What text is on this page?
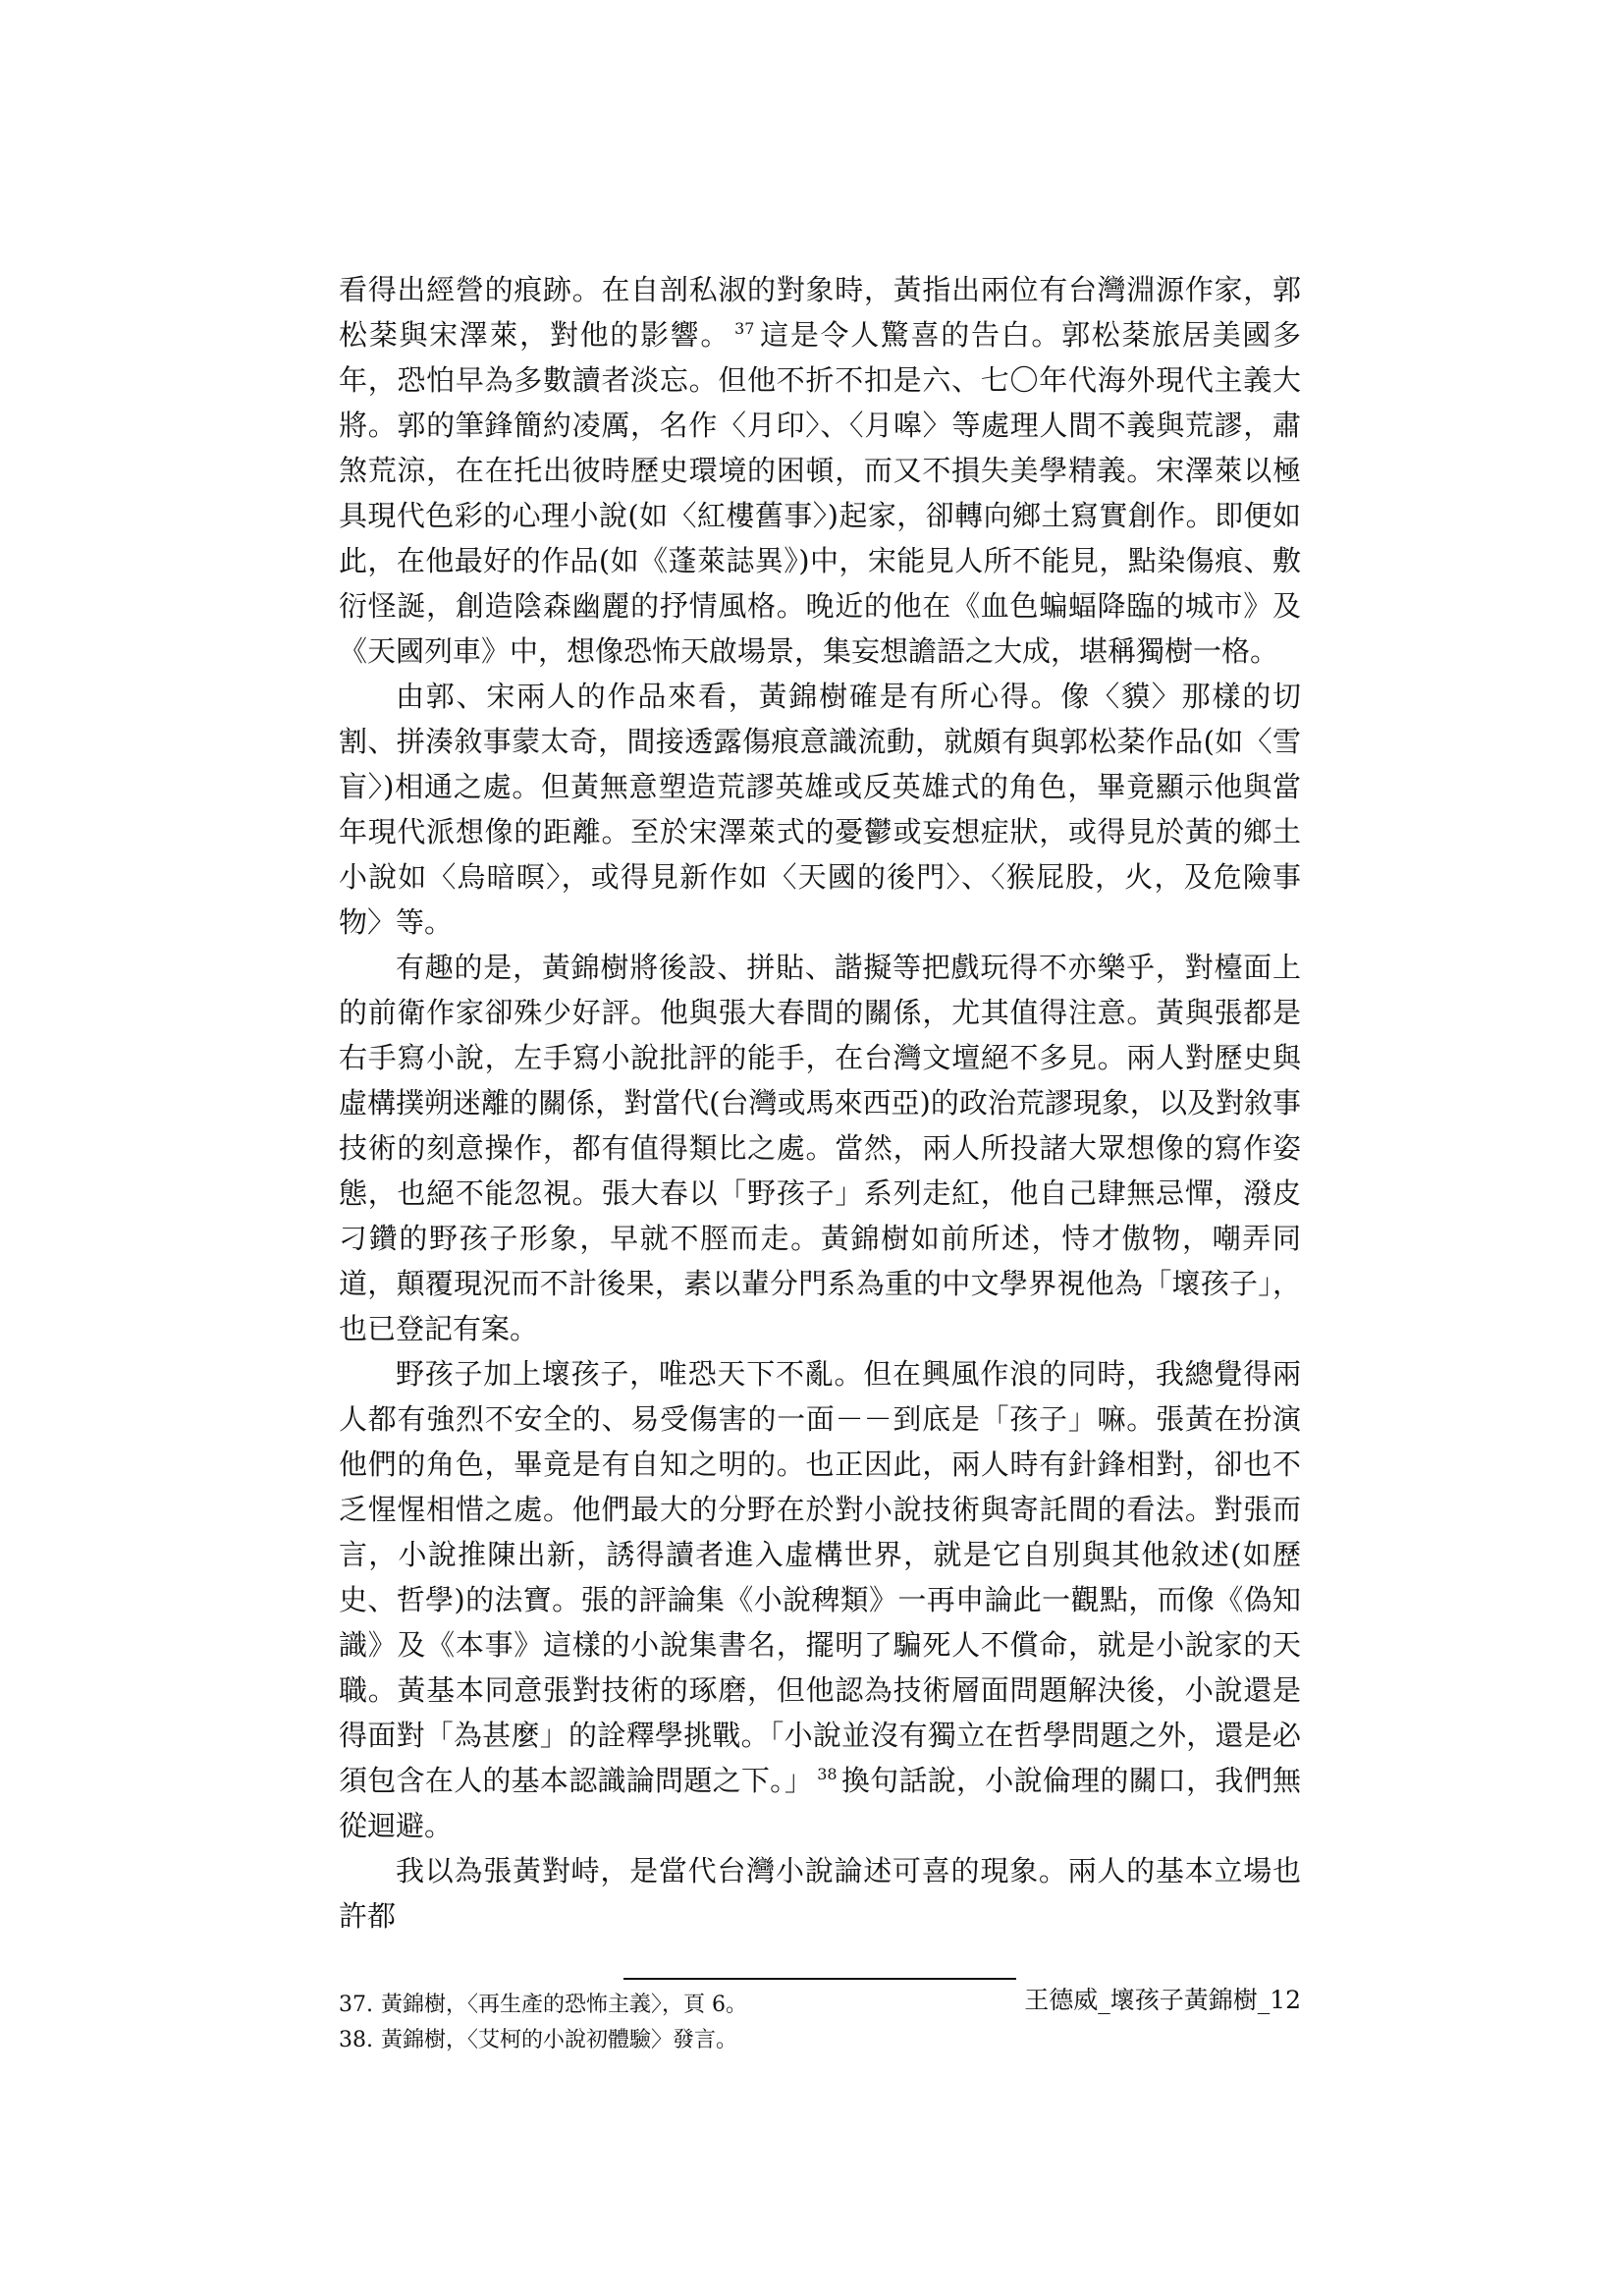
看得出經營的痕跡。在自剖私淑的對象時，黃指出兩位有台灣淵源作家，郭松棻與宋澤萊，對他的影響。 $^{37}$ 這是令人驚喜的告白。郭松棻旅居美國多年，恐怕早為多數讀者淡忘。但他不折不扣是六、七〇年代海外現代主義大將。郭的筆鋒簡約凌厲，名作〈月印〉、〈月嗥〉等處理人間不義與荒謬，肅煞荒涼，在在托出彼時歷史環境的困頓，而又不損失美學精義。宋澤萊以極具現代色彩的心理小說(如〈紅樓舊事〉)起家，卻轉向鄉土寫實創作。即便如此，在他最好的作品(如《蓬萊誌異》)中，宋能見人所不能見，點染傷痕、敷衍怪誕，創造陰森幽麗的抒情風格。晚近的他在《血色蝙蝠降臨的城市》及《天國列車》中，想像恐怖天啟場景，集妄想譫語之大成，堪稱獨樹一格。

由郭、宋兩人的作品來看，黃錦樹確是有所心得。像〈貘〉那樣的切割、拼湊敘事蒙太奇，間接透露傷痕意識流動，就頗有與郭松棻作品(如〈雪盲〉)相通之處。但黃無意塑造荒謬英雄或反英雄式的角色，畢竟顯示他與當年現代派想像的距離。至於宋澤萊式的憂鬱或妄想症狀，或得見於黃的鄉土小說如〈烏暗暝〉，或得見新作如〈天國的後門〉、〈猴屁股，火，及危險事物〉等。

有趣的是，黃錦樹將後設、拼貼、諧擬等把戲玩得不亦樂乎，對檯面上的前衛作家卻殊少好評。他與張大春間的關係，尤其值得注意。黃與張都是右手寫小說，左手寫小說批評的能手，在台灣文壇絕不多見。兩人對歷史與虛構撲朔迷離的關係，對當代(台灣或馬來西亞)的政治荒謬現象，以及對敘事技術的刻意操作，都有值得類比之處。當然，兩人所投諸大眾想像的寫作姿態，也絕不能忽視。張大春以「野孩子」系列走紅，他自己肆無忌憚，潑皮刁鑽的野孩子形象，早就不脛而走。黃錦樹如前所述，恃才傲物，嘲弄同道，顛覆現況而不計後果，素以輩分門系為重的中文學界視他為「壞孩子」，也已登記有案。

野孩子加上壞孩子，唯恐天下不亂。但在興風作浪的同時，我總覺得兩人都有強烈不安全的、易受傷害的一面－－到底是「孩子」嘛。張黃在扮演他們的角色，畢竟是有自知之明的。也正因此，兩人時有針鋒相對，卻也不乏惺惺相惜之處。他們最大的分野在於對小說技術與寄託間的看法。對張而言，小說推陳出新，誘得讀者進入虛構世界，就是它自別與其他敘述(如歷史、哲學)的法寶。張的評論集《小說稗類》一再申論此一觀點，而像《偽知識》及《本事》這樣的小說集書名，擺明了騙死人不償命，就是小說家的天職。黃基本同意張對技術的琢磨，但他認為技術層面問題解決後，小說還是得面對「為甚麼」的詮釋學挑戰。「小說並沒有獨立在哲學問題之外，還是必須包含在人的基本認識論問題之下。」 $^{38}$ 換句話說，小說倫理的關口，我們無從迴避。

我以為張黃對峙，是當代台灣小說論述可喜的現象。兩人的基本立場也許都

37. 黃錦樹，〈再生產的恐怖主義〉，頁 6。
38. 黃錦樹，〈艾柯的小說初體驗〉發言。
王德威_壞孩子黃錦樹_12
